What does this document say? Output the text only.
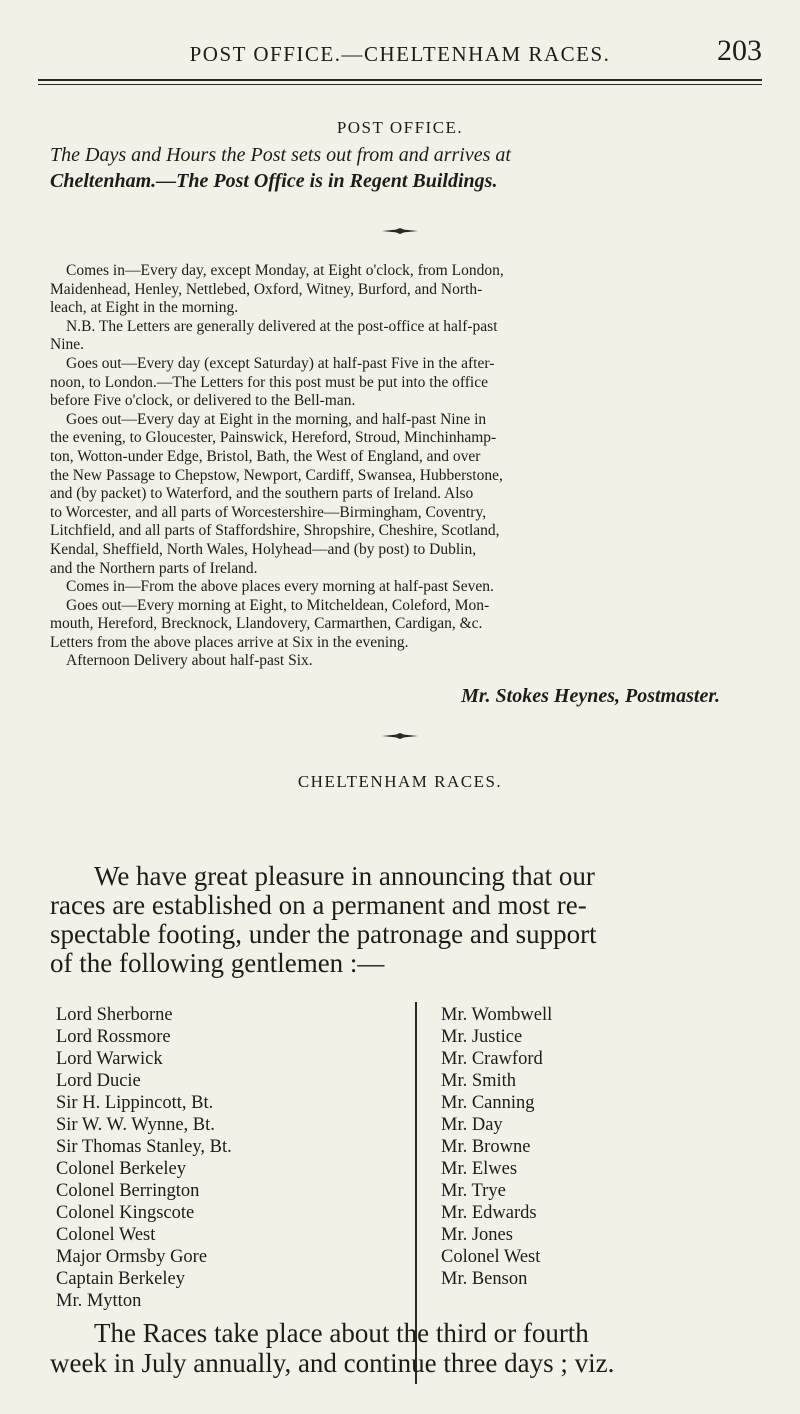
POST OFFICE.—CHELTENHAM RACES.	203
POST OFFICE.
The Days and Hours the Post sets out from and arrives at
Cheltenham.—The Post Office is in Regent Buildings.
Comes in—Every day, except Monday, at Eight o'clock, from London,
Maidenhead, Henley, Nettlebed, Oxford, Witney, Burford, and North-
leach, at Eight in the morning.
N.B. The Letters are generally delivered at the post-office at half-past
Nine.
Goes out—Every day (except Saturday) at half-past Five in the after-
noon, to London.—The Letters for this post must be put into the office
before Five o'clock, or delivered to the Bell-man.
Goes out—Every day at Eight in the morning, and half-past Nine in
the evening, to Gloucester, Painswick, Hereford, Stroud, Minchinhamp-
ton, Wotton-under Edge, Bristol, Bath, the West of England, and over
the New Passage to Chepstow, Newport, Cardiff, Swansea, Hubberstone,
and (by packet) to Waterford, and the southern parts of Ireland. Also
to Worcester, and all parts of Worcestershire—Birmingham, Coventry,
Litchfield, and all parts of Staffordshire, Shropshire, Cheshire, Scotland,
Kendal, Sheffield, North Wales, Holyhead—and (by post) to Dublin,
and the Northern parts of Ireland.
Comes in—From the above places every morning at half-past Seven.
Goes out—Every morning at Eight, to Mitcheldean, Coleford, Mon-
mouth, Hereford, Brecknock, Llandovery, Carmarthen, Cardigan, &c.
Letters from the above places arrive at Six in the evening.
Afternoon Delivery about half-past Six.
Mr. Stokes Heynes, Postmaster.
CHELTENHAM RACES.
We have great pleasure in announcing that our
races are established on a permanent and most re-
spectable footing, under the patronage and support
of the following gentlemen :—
Lord Sherborne
Lord Rossmore
Lord Warwick
Lord Ducie
Sir H. Lippincott, Bt.
Sir W. W. Wynne, Bt.
Sir Thomas Stanley, Bt.
Colonel Berkeley
Colonel Berrington
Colonel Kingscote
Colonel West
Major Ormsby Gore
Captain Berkeley
Mr. Mytton
Mr. Wombwell
Mr. Justice
Mr. Crawford
Mr. Smith
Mr. Canning
Mr. Day
Mr. Browne
Mr. Elwes
Mr. Trye
Mr. Edwards
Mr. Jones
Colonel West
Mr. Benson
The Races take place about the third or fourth
week in July annually, and continue three days ; viz.
